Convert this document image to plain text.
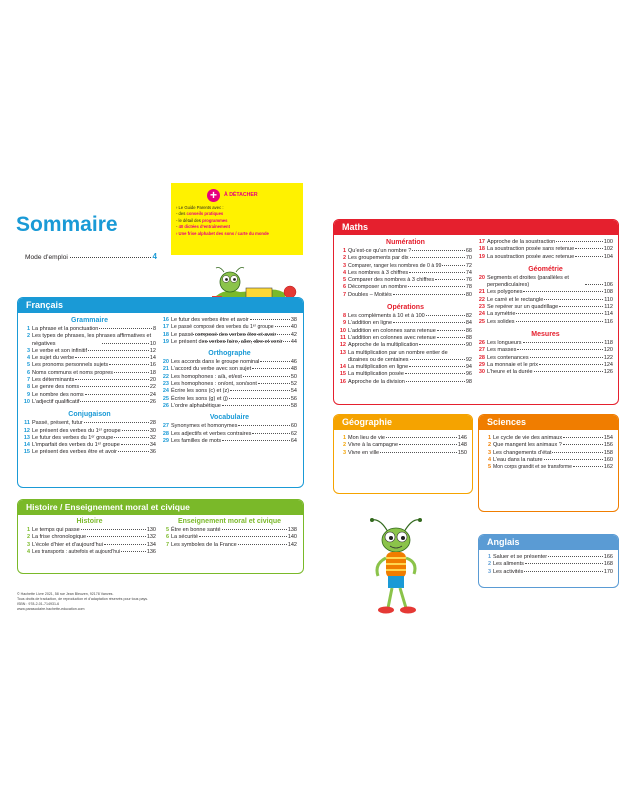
Sommaire
Mode d’emploi	4
+	À DÉTACHER
› Le Guide Parents avec :
- des conseils pratiques
- le détail des programmes
- 40 dictées d’entraînement
› Une frise alphabet des sons / carte du monde
Français
Grammaire
1 La phrase et la ponctuation	8
2 Les types de phrases, les phrases affirmatives et négatives	10
3 Le verbe et son infinitif	12
4 Le sujet du verbe	14
5 Les pronoms personnels sujets	16
6 Noms communs et noms propres	18
7 Les déterminants	20
8 Le genre des noms	22
9 Le nombre des noms	24
10 L’adjectif qualificatif	26
Conjugaison
11 Passé, présent, futur	28
12 Le présent des verbes du 1ᵉʳ groupe	30
13 Le futur des verbes du 1ᵉʳ groupe	32
14 L’imparfait des verbes du 1ᵉʳ groupe	34
15 Le présent des verbes être et avoir	36
16 Le futur des verbes être et avoir	38
17 Le passé composé des verbes du 1ᵉʳ groupe	40
18 Le passé composé des verbes être et avoir	42
19 Le présent des verbes faire, aller, dire et venir	44
Orthographe
20 Les accords dans le groupe nominal	46
21 L’accord du verbe avec son sujet	48
22 Les homophones : a/à, et/est	50
23 Les homophones : on/ont, son/sont	52
24 Écrire les sons (c) et (z)	54
25 Écrire les sons (g) et (j)	56
26 L’ordre alphabétique	58
Vocabulaire
27 Synonymes et homonymes	60
28 Les adjectifs et verbes contraires	62
29 Les familles de mots	64
Histoire / Enseignement moral et civique
Histoire
1 Le temps qui passe	130
2 La frise chronologique	132
3 L’école d’hier et d’aujourd’hui	134
4 Les transports : autrefois et aujourd’hui	136
Enseignement moral et civique
5 Être en bonne santé	138
6 La sécurité	140
7 Les symboles de la France	142
© Hachette Livre 2021, 58 rue Jean Bleuzen, 92178 Vanves.
Tous droits de traduction, de reproduction et d’adaptation réservés pour tous pays.
ISBN : 978-2-01-714931-6
www.parascolaire.hachette-education.com
Maths
Numération
1 Qu’est-ce qu’un nombre ?	68
2 Les groupements par dix	70
3 Comparer, ranger les nombres de 0 à 99	72
4 Les nombres à 3 chiffres	74
5 Comparer des nombres à 3 chiffres	76
6 Décomposer un nombre	78
7 Doubles – Moitiés	80
Opérations
8 Les compléments à 10 et à 100	82
9 L’addition en ligne	84
10 L’addition en colonnes sans retenue	86
11 L’addition en colonnes avec retenue	88
12 Approche de la multiplication	90
13 La multiplication par un nombre entier de dizaines ou de centaines	92
14 La multiplication en ligne	94
15 La multiplication posée	96
16 Approche de la division	98
17 Approche de la soustraction	100
18 La soustraction posée sans retenue	102
19 La soustraction posée avec retenue	104
Géométrie
20 Segments et droites (parallèles et perpendiculaires)	106
21 Les polygones	108
22 Le carré et le rectangle	110
23 Se repérer sur un quadrillage	112
24 La symétrie	114
25 Les solides	116
Mesures
26 Les longueurs	118
27 Les masses	120
28 Les contenances	122
29 La monnaie et le prix	124
30 L’heure et la durée	126
Géographie
1 Mon lieu de vie	146
2 Vivre à la campagne	148
3 Vivre en ville	150
Sciences
1 Le cycle de vie des animaux	154
2 Que mangent les animaux ?	156
3 Les changements d’état	158
4 L’eau dans la nature	160
5 Mon corps grandit et se transforme	162
Anglais
1 Saluer et se présenter	166
2 Les aliments	168
3 Les activités	170
